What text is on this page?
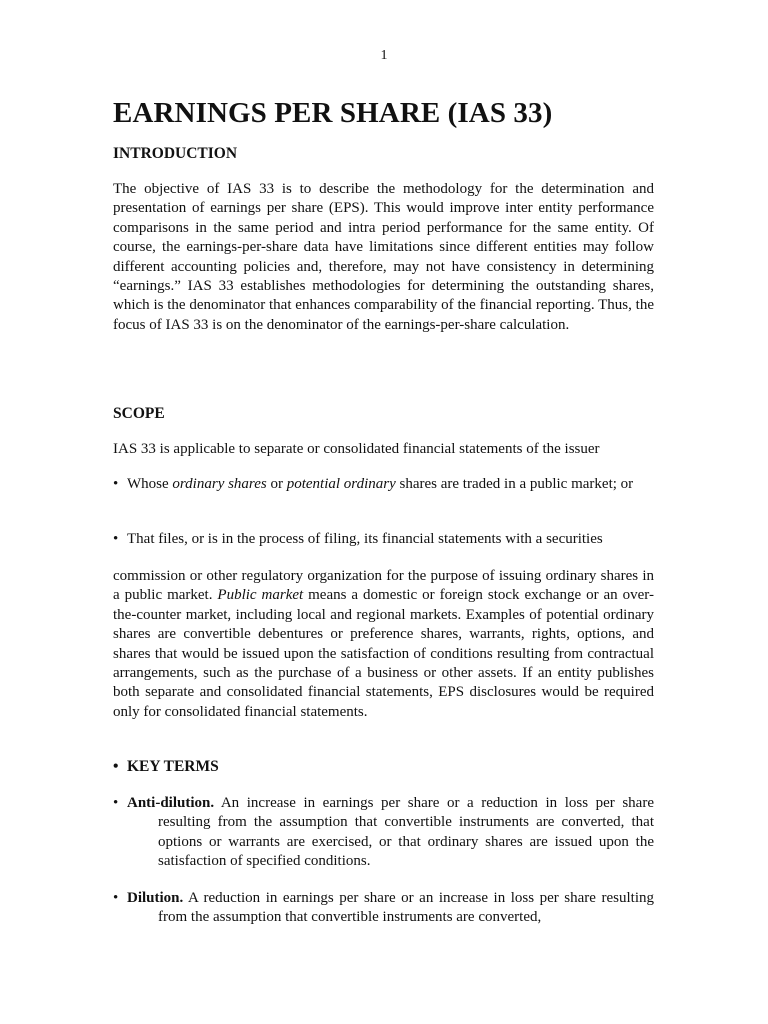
1
EARNINGS PER SHARE (IAS 33)
INTRODUCTION

The objective of IAS 33 is to describe the methodology for the determination and presentation of earnings per share (EPS). This would improve inter entity performance comparisons in the same period and intra period performance for the same entity. Of course, the earnings-per-share data have limitations since different entities may follow different accounting policies and, therefore, may not have consistency in determining “earnings.” IAS 33 establishes methodologies for determining the outstanding shares, which is the denominator that enhances comparability of the financial reporting. Thus, the focus of IAS 33 is on the denominator of the earnings-per-share calculation.

SCOPE

IAS 33 is applicable to separate or consolidated financial statements of the issuer

• Whose ordinary shares or potential ordinary shares are traded in a public market; or

• That files, or is in the process of filing, its financial statements with a securities

commission or other regulatory organization for the purpose of issuing ordinary shares in a public market. Public market means a domestic or foreign stock exchange or an over-the-counter market, including local and regional markets. Examples of potential ordinary shares are convertible debentures or preference shares, warrants, rights, options, and shares that would be issued upon the satisfaction of conditions resulting from contractual arrangements, such as the purchase of a business or other assets. If an entity publishes both separate and consolidated financial statements, EPS disclosures would be required only for consolidated financial statements.

• KEY TERMS

• Anti-dilution. An increase in earnings per share or a reduction in loss per share resulting from the assumption that convertible instruments are converted, that options or warrants are exercised, or that ordinary shares are issued upon the satisfaction of specified conditions.

• Dilution. A reduction in earnings per share or an increase in loss per share resulting from the assumption that convertible instruments are converted,
